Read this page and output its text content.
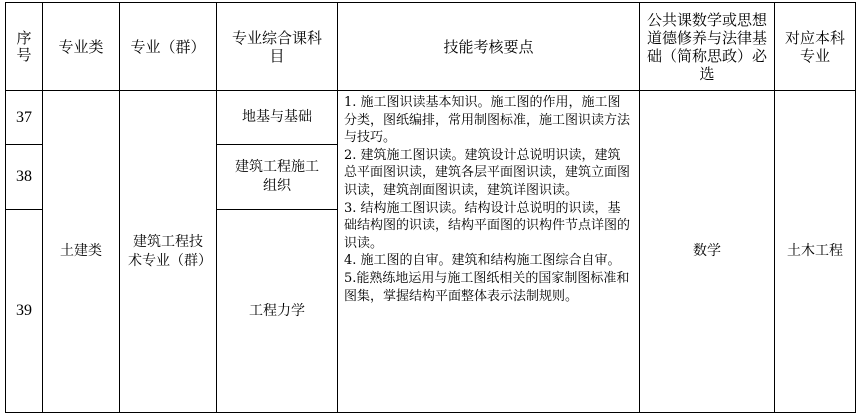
序号	专业类	专业（群）	专业综合课科目	技能考核要点	公共课数学或思想道德修养与法律基础（简称思政）必选	对应本科专业
37	土建类	建筑工程技术专业（群）	地基与基础	1. 施工图识读基本知识。施工图的作用，施工图分类，图纸编排，常用制图标准，施工图识读方法与技巧。

2. 建筑施工图识读。建筑设计总说明识读，建筑总平面图识读，建筑各层平面图识读，建筑立面图识读，建筑剖面图识读，建筑详图识读。

3. 结构施工图识读。结构设计总说明的识读，基础结构图的识读，结构平面图的识构件节点详图的识读。

4. 施工图的自审。建筑和结构施工图综合自审。

5.能熟练地运用与施工图纸相关的国家制图标准和图集，掌握结构平面整体表示法制规则。	数学	土木工程
38			建筑工程施工组织			

39			工程力学			
